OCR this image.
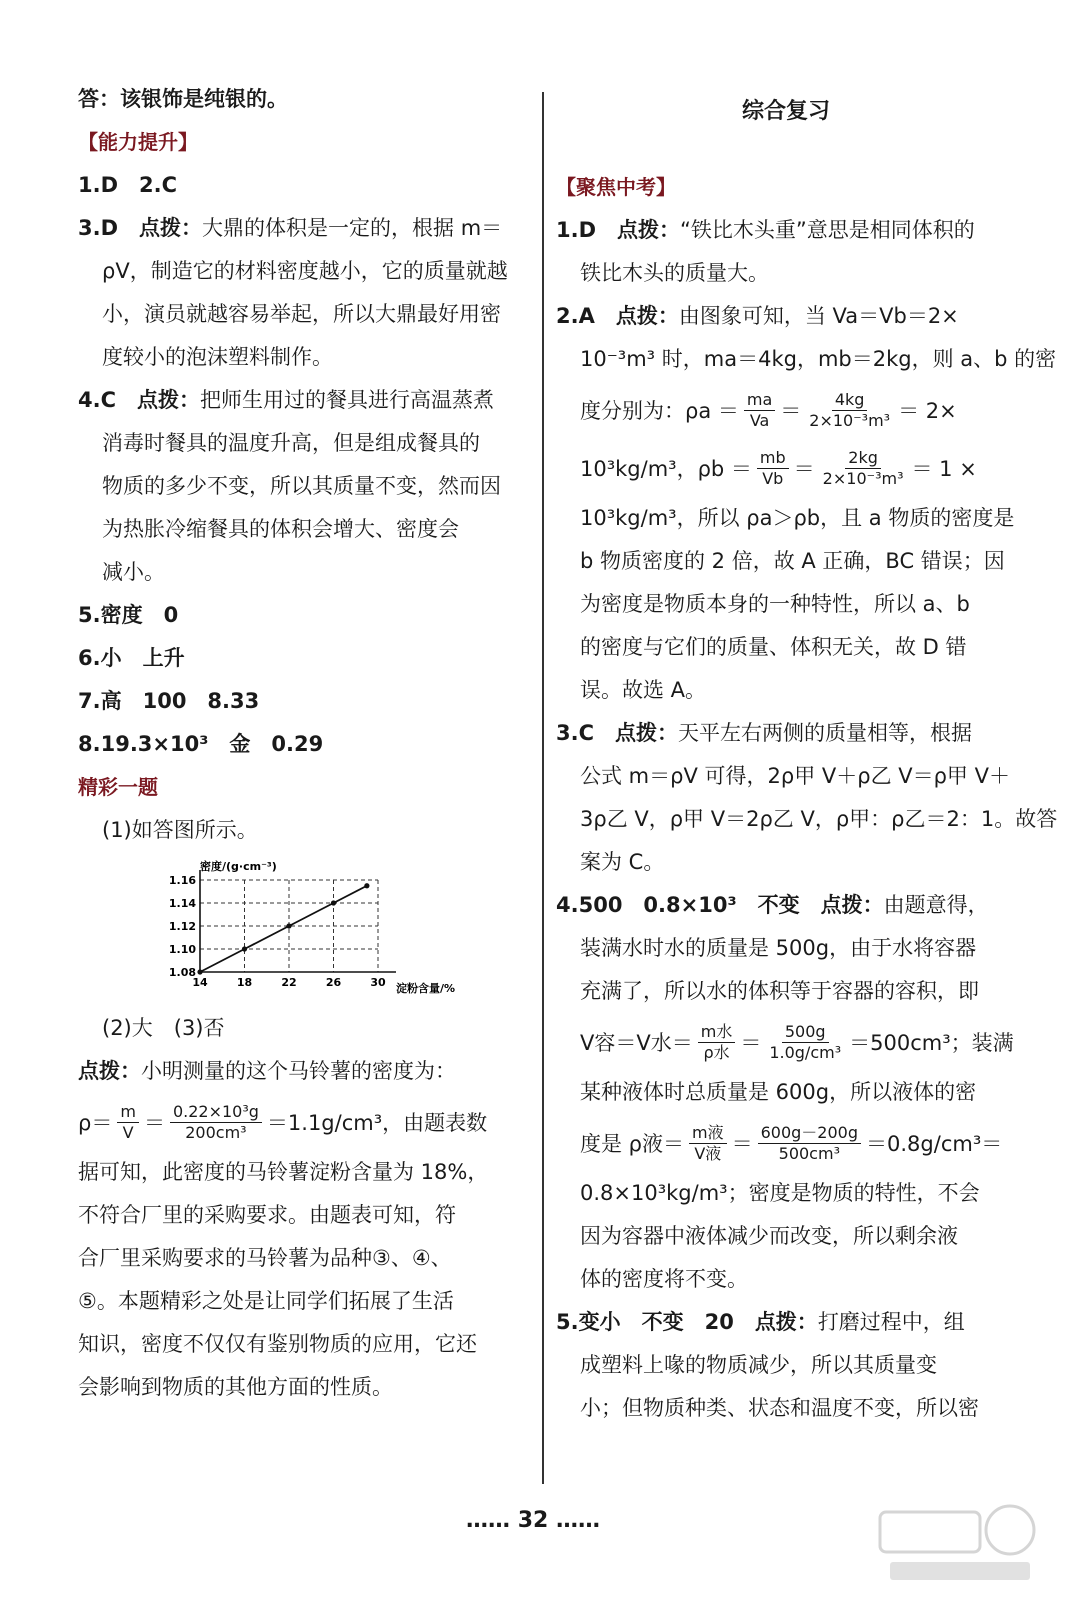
答：该银饰是纯银的。
【能力提升】
1.D　2.C
3.D　 点拨：大鼎的体积是一定的，根据 m＝
ρV，制造它的材料密度越小，它的质量就越
小，演员就越容易举起，所以大鼎最好用密
度较小的泡沫塑料制作。
4.C　 点拨：把师生用过的餐具进行高温蒸煮
消毒时餐具的温度升高，但是组成餐具的
物质的多少不变，所以其质量不变，然而因
为热胀冷缩餐具的体积会增大、密度会
减小。
5.密度　0
6.小　上升
7.高　100　8.33
8.19.3×10³　金　0.29
精彩一题
(1)如答图所示。
14	18	22	26	30
1.08
1.10
1.12
1.14
1.16
密度/(g·cm⁻³)
淀粉含量/%
(2)大　(3)否
点拨：小明测量的这个马铃薯的密度为：
$\rho= \frac{m}{V} = \frac{\text{0.22×10³g}}{\text{200cm³}} =1.1g/cm^3$，由题表数
据可知，此密度的马铃薯淀粉含量为 18%，
不符合厂里的采购要求。由题表可知，符
合厂里采购要求的马铃薯为品种③、④、
⑤。本题精彩之处是让同学们拓展了生活
知识，密度不仅仅有鉴别物质的应用，它还
会影响到物质的其他方面的性质。
综合复习
【聚焦中考】
1.D　 点拨：“铁比木头重”意思是相同体积的
铁比木头的质量大。
2.A　 点拨：由图象可知，当 Va＝Vb＝2×
10⁻³m³ 时，ma＝4kg，mb＝2kg，则 a、b 的密
度分别为：$\rho a = \frac{ma}{Va} = \frac{4kg}{\text{2×10⁻³m³}} = 2\times$
10³kg/m³，$\rho b = \frac{mb}{Vb} = \frac{2kg}{\text{2×10⁻³m³}} = 1$ ×
10³kg/m³，所以 ρa＞ρb，且 a 物质的密度是
b 物质密度的 2 倍，故 A 正确，BC 错误；因
为密度是物质本身的一种特性，所以 a、b
的密度与它们的质量、体积无关，故 D 错
误。故选 A。
3.C　 点拨：天平左右两侧的质量相等，根据
公式 m＝ρV 可得，2ρ甲 V＋ρ乙 V＝ρ甲 V＋
3ρ乙 V，ρ甲 V＝2ρ乙 V，ρ甲：ρ乙＝2：1。故答
案为 C。
4.500　0.8×10³　不变　 点拨：由题意得，
装满水时水的质量是 500g，由于水将容器
充满了，所以水的体积等于容器的容积，即
V容＝V水＝ $\frac{\text{m水}}{\text{ρ水}} = \frac{500g}{\text{1.0g/cm³}} =500cm^3$；装满
某种液体时总质量是 600g，所以液体的密
度是 ρ液＝ $\frac{\text{m液}}{\text{V液}} = \frac{600g-200g}{\text{500cm³}} =0.8g/cm^3=$
0.8×10³kg/m³；密度是物质的特性，不会
因为容器中液体减少而改变，所以剩余液
体的密度将不变。
5.变小　不变　20　 点拨：打磨过程中，组
成塑料上喙的物质减少，所以其质量变
小；但物质种类、状态和温度不变，所以密
…… 32 ……
